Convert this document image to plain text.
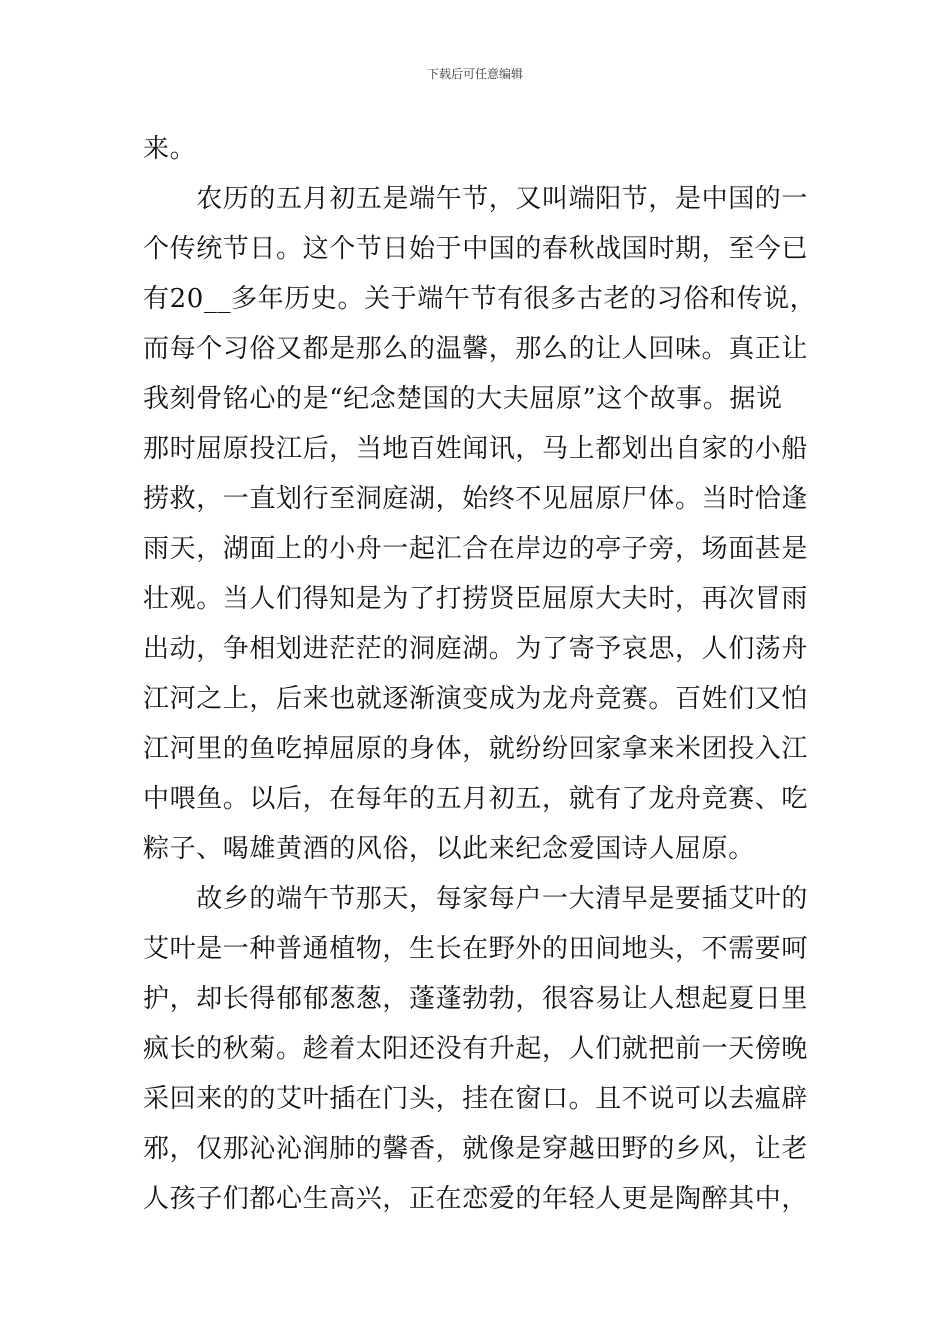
下载后可任意编辑

来。

　　农历的五月初五是端午节，又叫端阳节，是中国的一

个传统节日。这个节日始于中国的春秋战国时期，至今已

有20__多年历史。关于端午节有很多古老的习俗和传说，

而每个习俗又都是那么的温馨，那么的让人回味。真正让

我刻骨铭心的是“纪念楚国的大夫屈原”这个故事。据说

那时屈原投江后，当地百姓闻讯，马上都划出自家的小船

捞救，一直划行至洞庭湖，始终不见屈原尸体。当时恰逢

雨天，湖面上的小舟一起汇合在岸边的亭子旁，场面甚是

壮观。当人们得知是为了打捞贤臣屈原大夫时，再次冒雨

出动，争相划进茫茫的洞庭湖。为了寄予哀思，人们荡舟

江河之上，后来也就逐渐演变成为龙舟竞赛。百姓们又怕

江河里的鱼吃掉屈原的身体，就纷纷回家拿来米团投入江

中喂鱼。以后，在每年的五月初五，就有了龙舟竞赛、吃

粽子、喝雄黄酒的风俗，以此来纪念爱国诗人屈原。

　　故乡的端午节那天，每家每户一大清早是要插艾叶的

艾叶是一种普通植物，生长在野外的田间地头，不需要呵

护，却长得郁郁葱葱，蓬蓬勃勃，很容易让人想起夏日里

疯长的秋菊。趁着太阳还没有升起，人们就把前一天傍晚

采回来的的艾叶插在门头，挂在窗口。且不说可以去瘟辟

邪，仅那沁沁润肺的馨香，就像是穿越田野的乡风，让老

人孩子们都心生高兴，正在恋爱的年轻人更是陶醉其中，
